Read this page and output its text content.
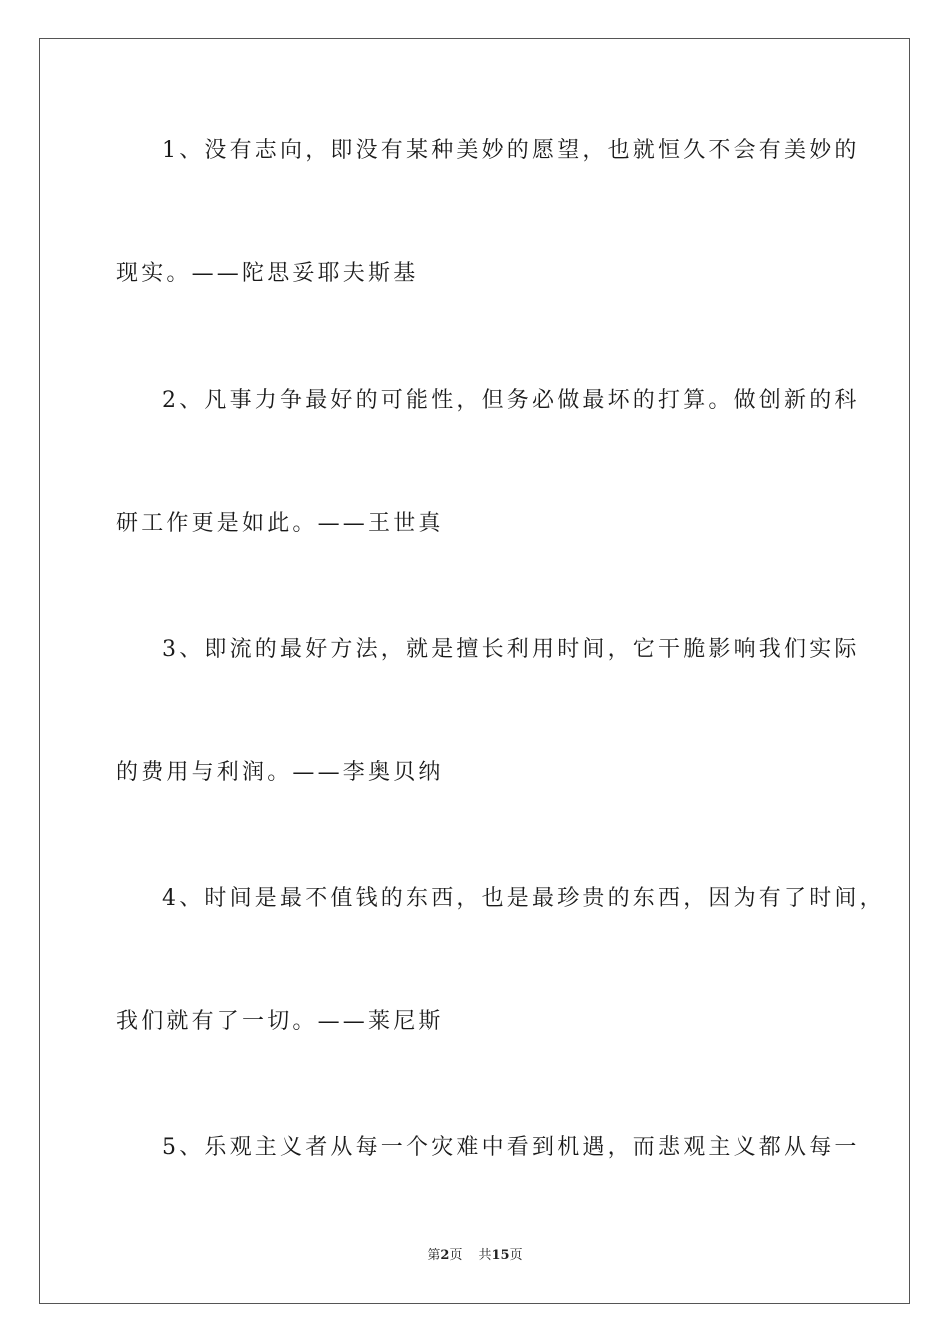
1、没有志向，即没有某种美妙的愿望，也就恒久不会有美妙的
现实。——陀思妥耶夫斯基
2、凡事力争最好的可能性，但务必做最坏的打算。做创新的科
研工作更是如此。——王世真
3、即流的最好方法，就是擅长利用时间，它干脆影响我们实际
的费用与利润。——李奥贝纳
4、时间是最不值钱的东西，也是最珍贵的东西，因为有了时间，
我们就有了一切。——莱尼斯
5、乐观主义者从每一个灾难中看到机遇，而悲观主义都从每一
第2页 共15页
